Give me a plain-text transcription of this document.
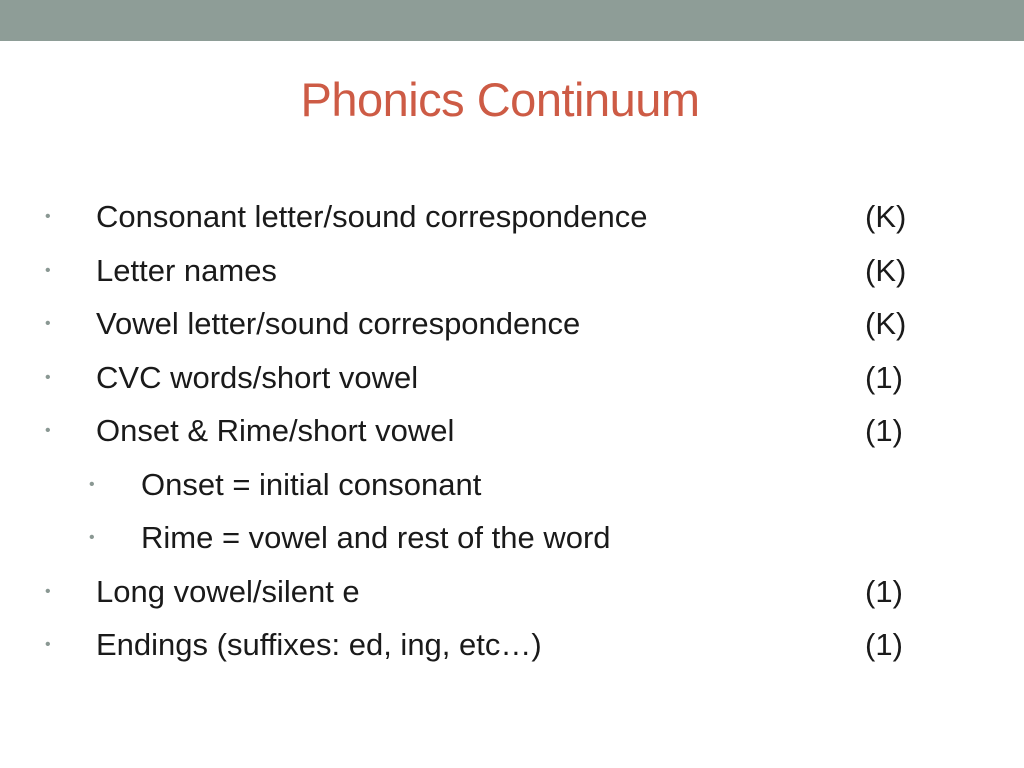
Phonics Continuum
• Consonant letter/sound correspondence	(K)
• Letter names	(K)
• Vowel letter/sound correspondence	(K)
• CVC words/short vowel	(1)
• Onset & Rime/short vowel	(1)
• Onset = initial consonant
• Rime = vowel and rest of the word
• Long vowel/silent e	(1)
• Endings (suffixes: ed, ing, etc…)	(1)
